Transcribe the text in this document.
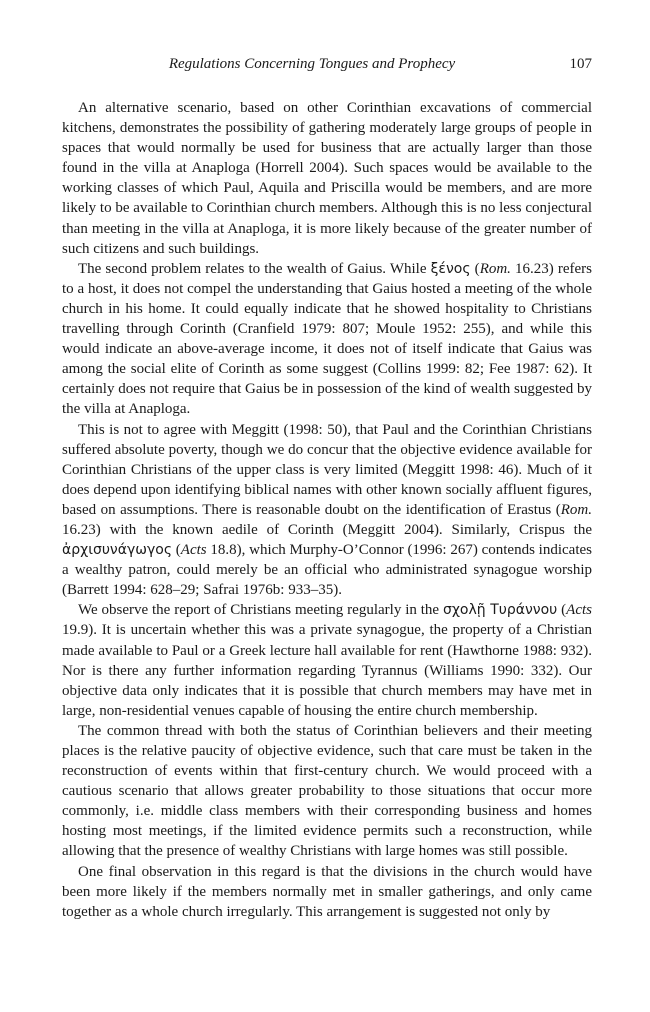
Regulations Concerning Tongues and Prophecy	107

An alternative scenario, based on other Corinthian excavations of commercial kitchens, demonstrates the possibility of gathering moderately large groups of people in spaces that would normally be used for business that are actually larger than those found in the villa at Anaploga (Horrell 2004). Such spaces would be available to the working classes of which Paul, Aquila and Priscilla would be members, and are more likely to be available to Corinthian church members. Although this is no less conjectural than meeting in the villa at Anaploga, it is more likely because of the greater number of such citizens and such buildings.

The second problem relates to the wealth of Gaius. While ξένος (Rom. 16.23) refers to a host, it does not compel the understanding that Gaius hosted a meeting of the whole church in his home. It could equally indicate that he showed hospitality to Christians travelling through Corinth (Cranfield 1979: 807; Moule 1952: 255), and while this would indicate an above-average income, it does not of itself indicate that Gaius was among the social elite of Corinth as some suggest (Collins 1999: 82; Fee 1987: 62). It certainly does not require that Gaius be in possession of the kind of wealth suggested by the villa at Anaploga.

This is not to agree with Meggitt (1998: 50), that Paul and the Corinthian Christians suffered absolute poverty, though we do concur that the objective evidence available for Corinthian Christians of the upper class is very limited (Meggitt 1998: 46). Much of it does depend upon identifying biblical names with other known socially affluent figures, based on assumptions. There is reasonable doubt on the identification of Erastus (Rom. 16.23) with the known aedile of Corinth (Meggitt 2004). Similarly, Crispus the ἀρχισυνάγωγος (Acts 18.8), which Murphy-O’Connor (1996: 267) contends indicates a wealthy patron, could merely be an official who administrated synagogue worship (Barrett 1994: 628–29; Safrai 1976b: 933–35).

We observe the report of Christians meeting regularly in the σχολῇ Τυράννου (Acts 19.9). It is uncertain whether this was a private synagogue, the property of a Christian made available to Paul or a Greek lecture hall available for rent (Hawthorne 1988: 932). Nor is there any further information regarding Tyrannus (Williams 1990: 332). Our objective data only indicates that it is possible that church members may have met in large, non-residential venues capable of housing the entire church membership.

The common thread with both the status of Corinthian believers and their meeting places is the relative paucity of objective evidence, such that care must be taken in the reconstruction of events within that first-century church. We would proceed with a cautious scenario that allows greater probability to those situations that occur more commonly, i.e. middle class members with their corresponding business and homes hosting most meetings, if the limited evidence permits such a reconstruction, while allowing that the presence of wealthy Christians with large homes was still possible.

One final observation in this regard is that the divisions in the church would have been more likely if the members normally met in smaller gatherings, and only came together as a whole church irregularly. This arrangement is suggested not only by
